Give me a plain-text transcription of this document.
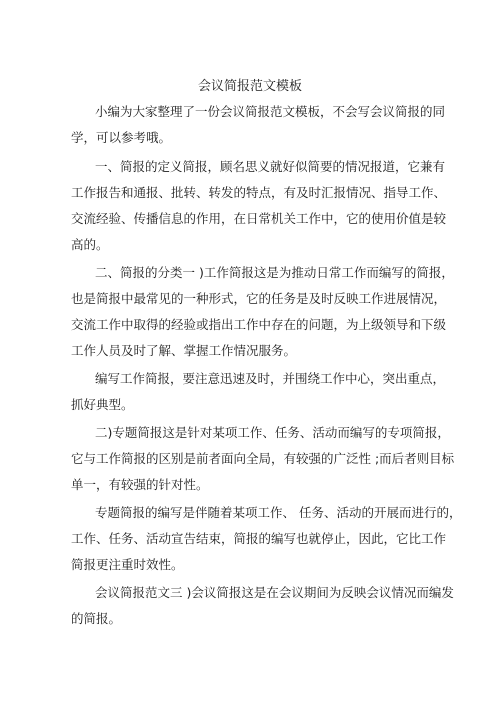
会议简报范文模板
小编为大家整理了一份会议简报范文模板，不会写会议简报的同
学，可以参考哦。
一、简报的定义简报，顾名思义就好似简要的情况报道，它兼有
工作报告和通报、批转、转发的特点，有及时汇报情况、指导工作、
交流经验、传播信息的作用，在日常机关工作中，它的使用价值是较
高的。
二、简报的分类一 )工作简报这是为推动日常工作而编写的简报，
也是简报中最常见的一种形式，它的任务是及时反映工作进展情况，
交流工作中取得的经验或指出工作中存在的问题，为上级领导和下级
工作人员及时了解、掌握工作情况服务。
编写工作简报，要注意迅速及时，并围绕工作中心，突出重点，
抓好典型。
二)专题简报这是针对某项工作、任务、活动而编写的专项简报，
它与工作简报的区别是前者面向全局，有较强的广泛性 ;而后者则目标
单一，有较强的针对性。
专题简报的编写是伴随着某项工作、 任务、活动的开展而进行的，
工作、任务、活动宣告结束，简报的编写也就停止，因此，它比工作
简报更注重时效性。
会议简报范文三 )会议简报这是在会议期间为反映会议情况而编发
的简报。
